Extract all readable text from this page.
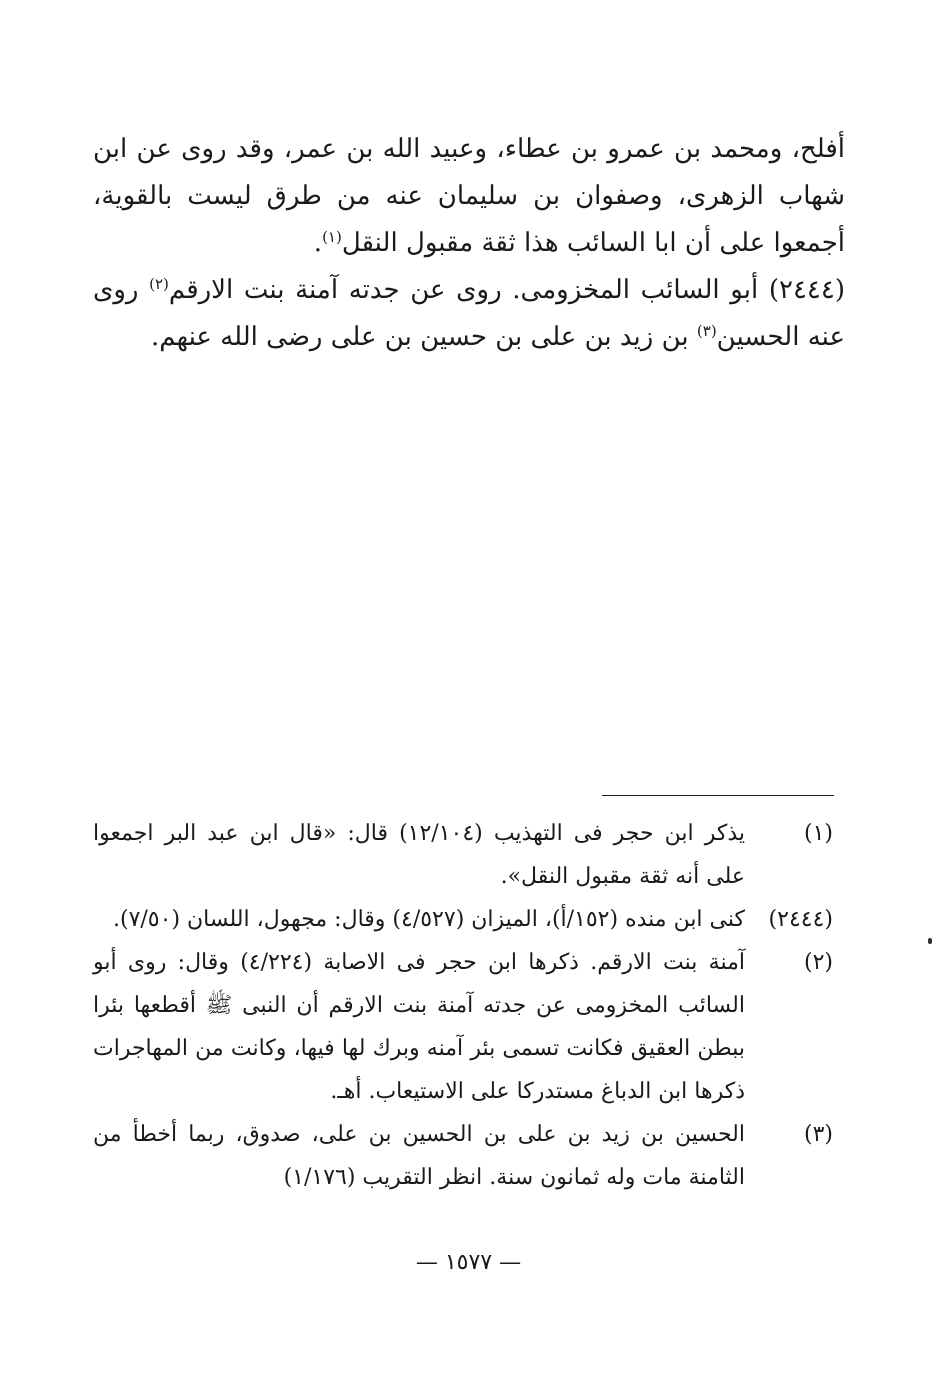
أفلح، ومحمد بن عمرو بن عطاء، وعبيد الله بن عمر، وقد روى عن ابن شهاب الزهرى، وصفوان بن سليمان عنه من طرق ليست بالقوية، أجمعوا على أن ابا السائب هذا ثقة مقبول النقل$^{(١)}$.

(٢٤٤٤) أبو السائب المخزومى. روى عن جدته آمنة بنت الارقم$^{(٢)}$ روى عنه الحسين$^{(٣)}$ بن زيد بن على بن حسين بن على رضى الله عنهم.

(١)
يذكر ابن حجر فى التهذيب (١٢/١٠٤) قال: «قال ابن عبد البر اجمعوا على أنه ثقة مقبول النقل».
(٢٤٤٤)
كنى ابن منده (١٥٢/أ)، الميزان (٤/٥٢٧) وقال: مجهول، اللسان (٧/٥٠).
(٢)
آمنة بنت الارقم. ذكرها ابن حجر فى الاصابة (٤/٢٢٤) وقال: روى أبو السائب المخزومى عن جدته آمنة بنت الارقم أن النبى ﷺ أقطعها بئرا ببطن العقيق فكانت تسمى بئر آمنه وبرك لها فيها، وكانت من المهاجرات ذكرها ابن الدباغ مستدركا على الاستيعاب. أهـ.
(٣)
الحسين بن زيد بن على بن الحسين بن على، صدوق، ربما أخطأ من الثامنة مات وله ثمانون سنة. انظر التقريب (١/١٧٦)
— ١٥٧٧ —
